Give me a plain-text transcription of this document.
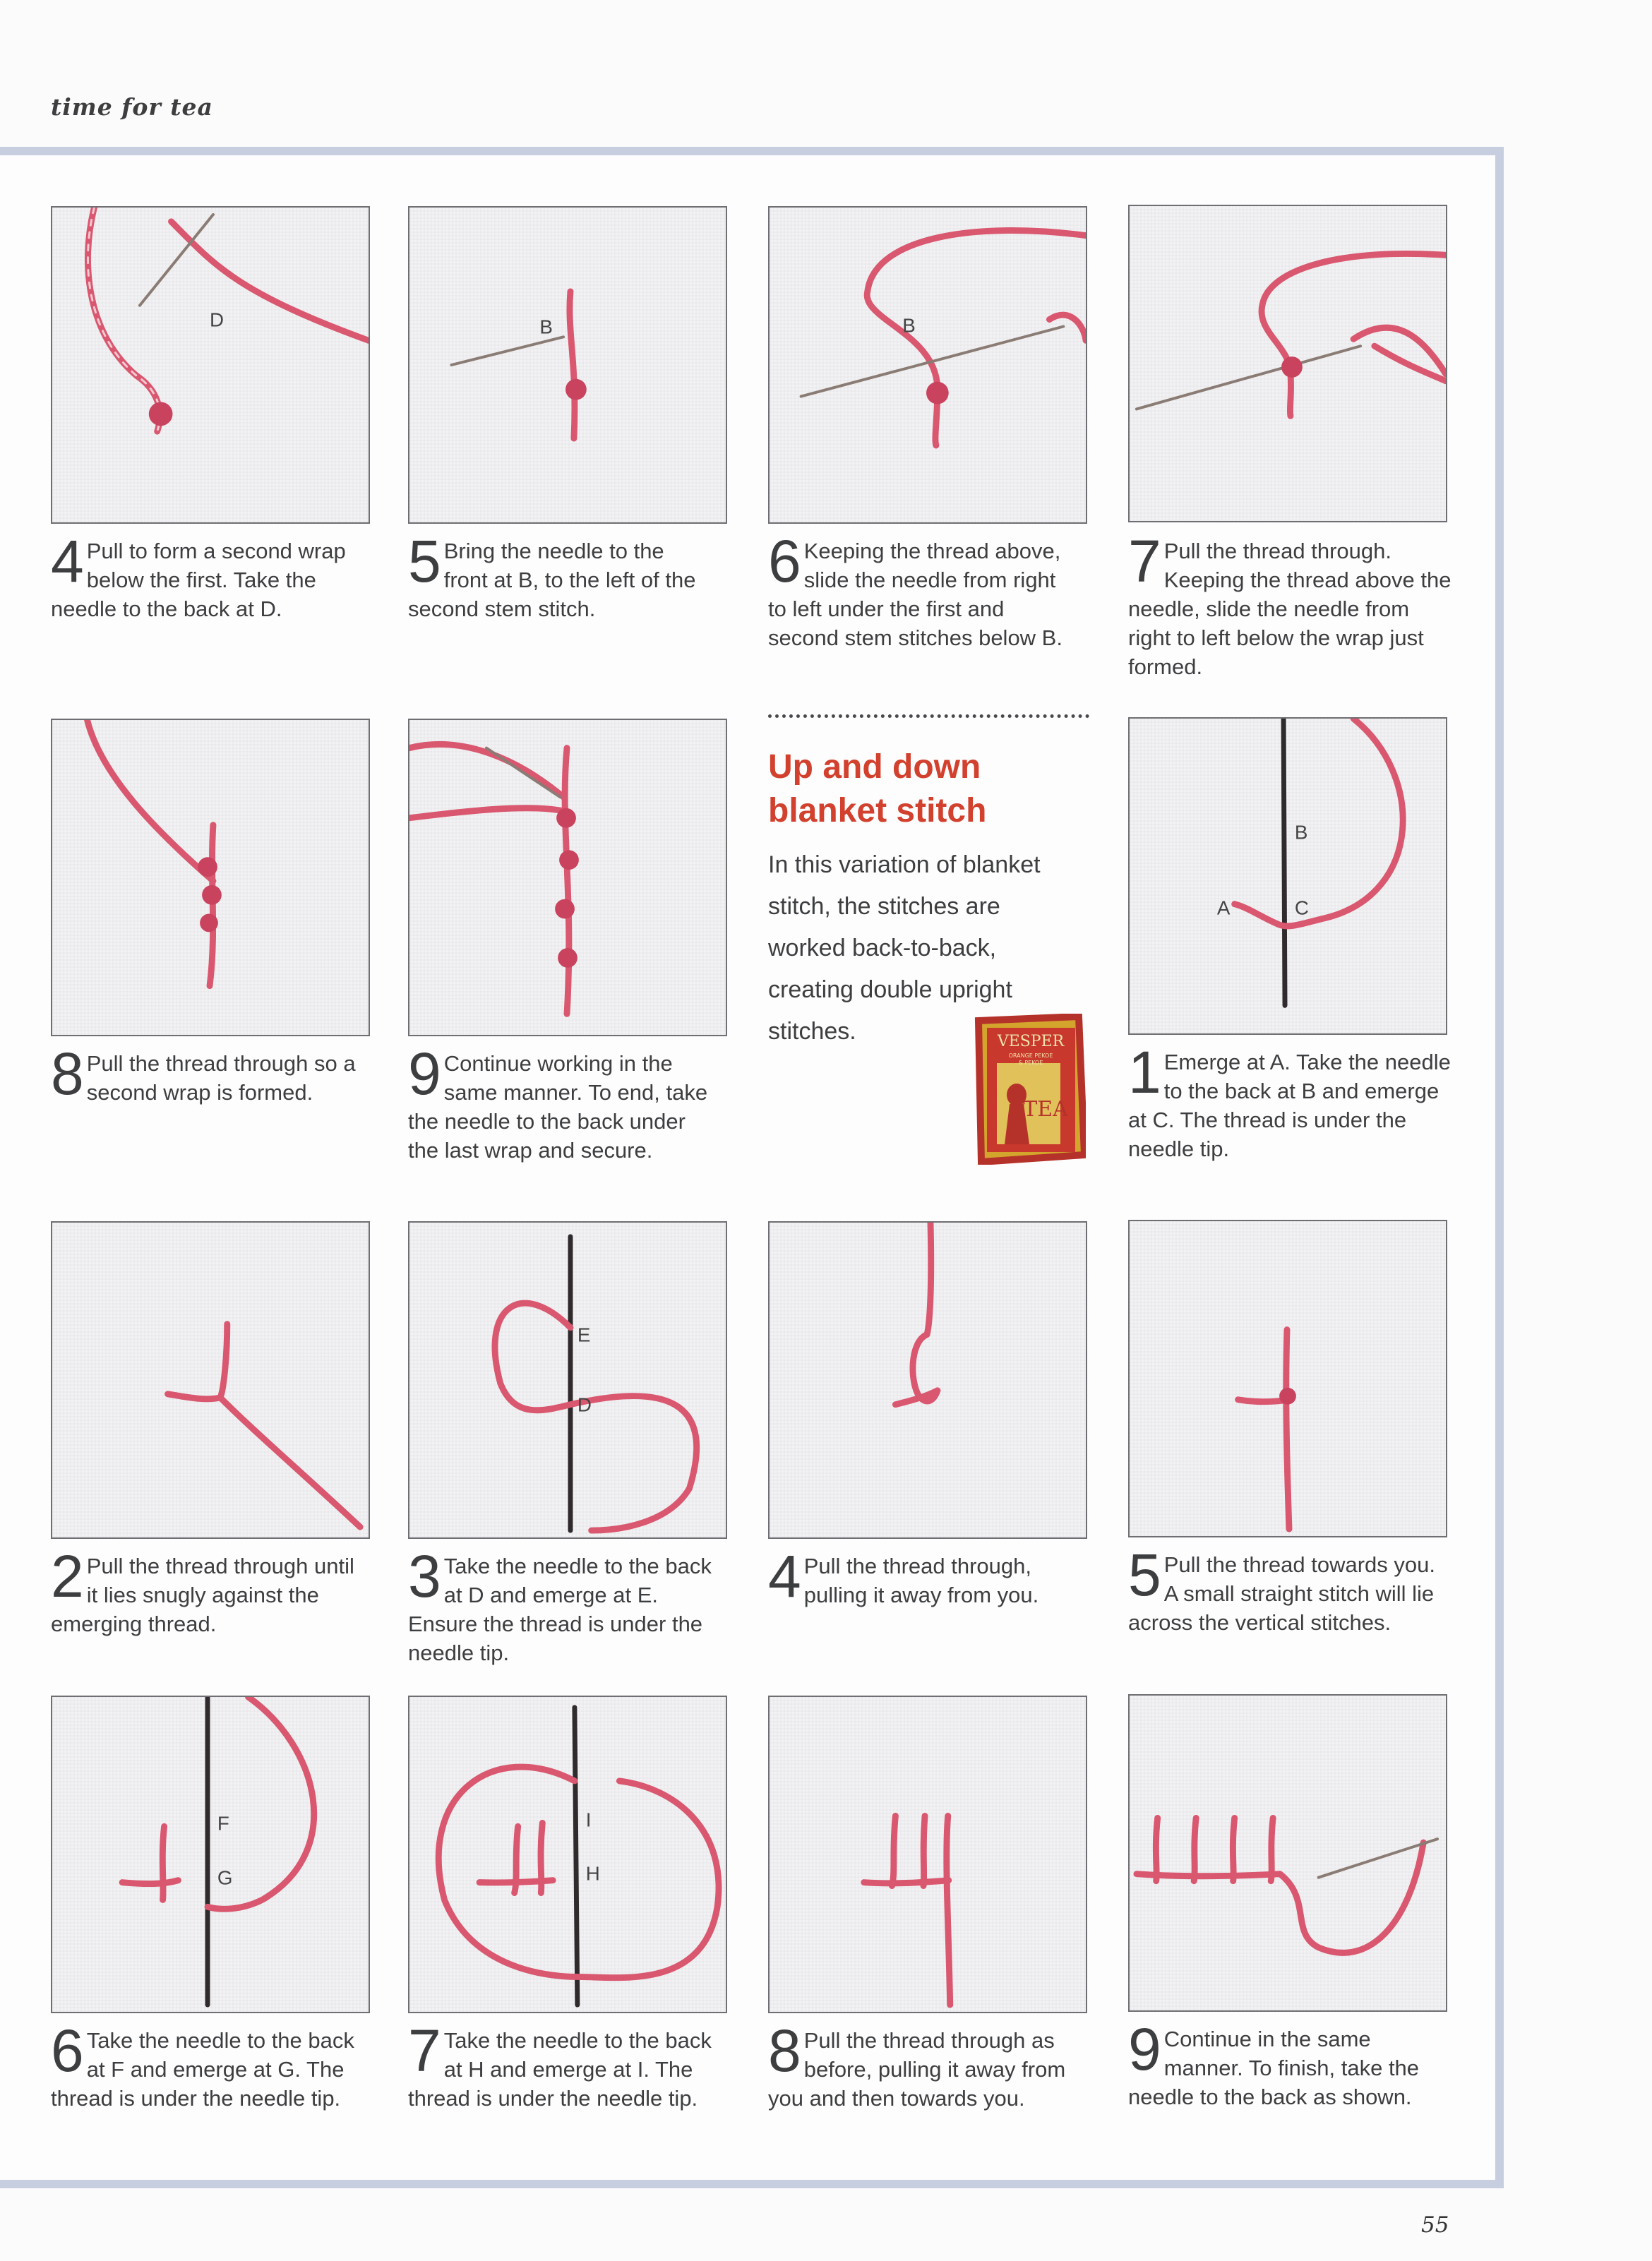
time for tea
D	B	B
4 Pull to form a second wrap below the first. Take the needle to the back at D.
5 Bring the needle to the front at B, to the left of the second stem stitch.
6 Keeping the thread above, slide the needle from right to left under the first and second stem stitches below B.
7 Pull the thread through. Keeping the thread above the needle, slide the needle from right to left below the wrap just formed.
A
B
C
8 Pull the thread through so a second wrap is formed.	9 Continue working in the same manner. To end, take the needle to the back under the last wrap and secure.
1 Emerge at A. Take the needle to the back at B and emerge at C. The thread is under the needle tip.
Up and down blanket stitch
In this variation of blanket stitch, the stitches are worked back-to-back, creating double upright stitches.	VESPER
ORANGE PEKOE
& PEKOE
TEA
E
D
2 Pull the thread through until it lies snugly against the emerging thread.
3 Take the needle to the back at D and emerge at E. Ensure the thread is under the needle tip.
4 Pull the thread through, pulling it away from you.	5 Pull the thread towards you. A small straight stitch will lie across the vertical stitches.
F
G
I
H
6 Take the needle to the back at F and emerge at G. The thread is under the needle tip.
7 Take the needle to the back at H and emerge at I. The thread is under the needle tip.
8 Pull the thread through as before, pulling it away from you and then towards you.
9 Continue in the same manner. To finish, take the needle to the back as shown.
55
